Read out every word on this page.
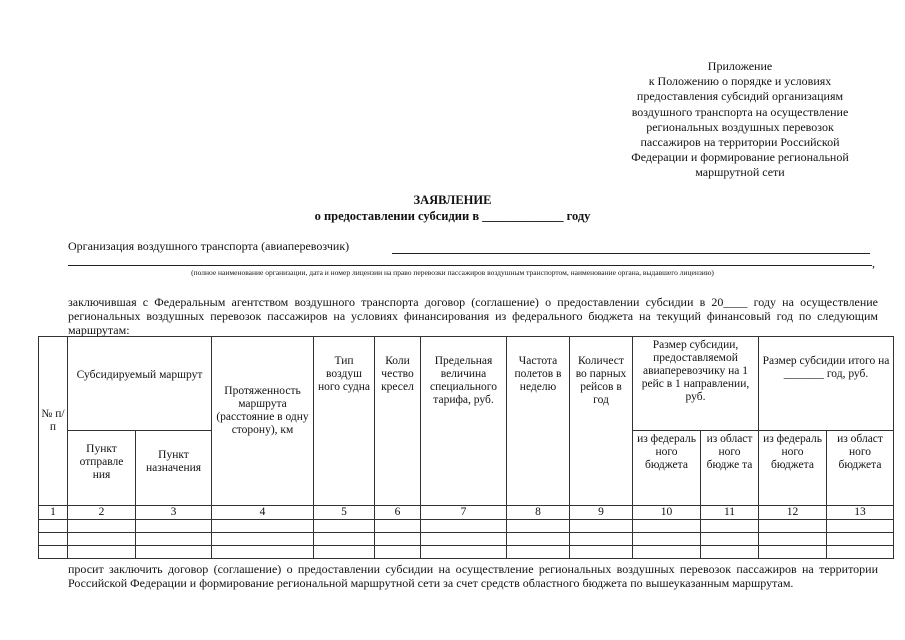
Приложение
к Положению о порядке и условиях
предоставления субсидий организациям
воздушного транспорта на осуществление
региональных воздушных перевозок
пассажиров на территории Российской
Федерации и формирование региональной
маршрутной сети
ЗАЯВЛЕНИЕ
о предоставлении субсидии в _____________ году
Организация воздушного транспорта (авиаперевозчик)
,
(полное наименование организации, дата и номер лицензии на право перевозки пассажиров воздушным транспортом, наименование органа, выдавшего лицензию)
заключившая с Федеральным агентством воздушного транспорта договор (соглашение) о предоставлении субсидии в 20____ году на осуществление региональных воздушных перевозок пассажиров на условиях финансирования из федерального бюджета на текущий финансовый год по следующим маршрутам:
№ п/п	Субсидируемый маршрут		Протяженность маршрута (расстояние в одну сторону), км	Тип воздуш ного судна	Коли чество кресел	Предельная величина специального тарифа, руб.	Частота полетов в неделю	Количест во парных рейсов в год	Размер субсидии, предоставляемой авиаперевозчику на 1 рейс в 1 направлении, руб.		Размер субсидии итого на _______ год, руб.	

	Пункт отправле ния	Пункт назначения							из федераль ного бюджета	из област ного бюдже та	из федераль ного бюджета	из област ного бюджета
1	2	3	4	5	6	7	8	9	10	11	12	13

просит заключить договор (соглашение) о предоставлении субсидии на осуществление региональных воздушных перевозок пассажиров на территории Российской Федерации и формирование региональной маршрутной сети за счет средств областного бюджета по вышеуказанным маршрутам.
